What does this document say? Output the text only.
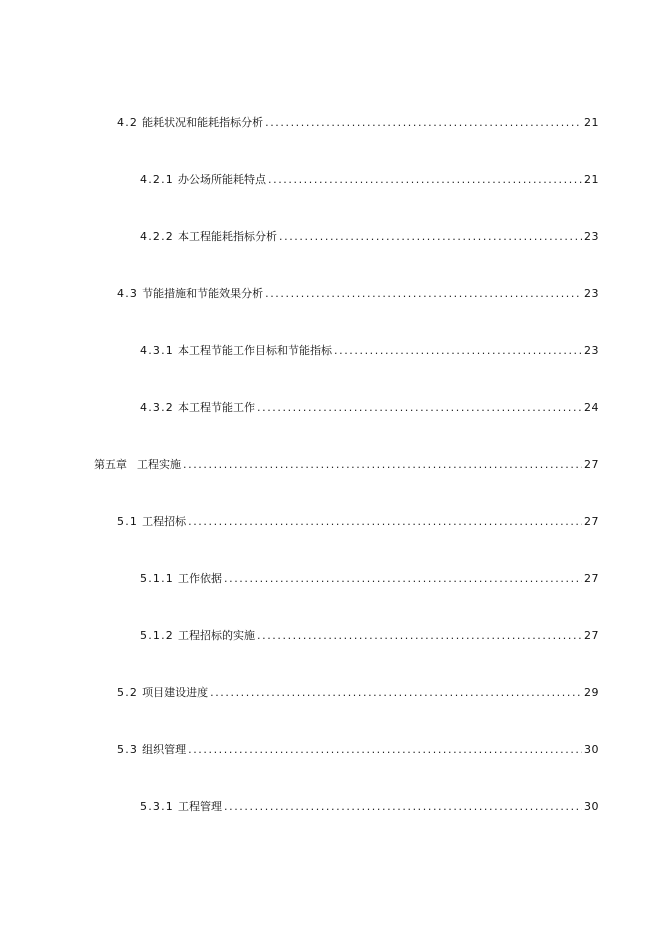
4.2 能耗状况和能耗指标分析 .....	21
4.2.1 办公场所能耗特点 .....	21
4.2.2 本工程能耗指标分析 .....	23
4.3 节能措施和节能效果分析 .....	23
4.3.1 本工程节能工作目标和节能指标 .....	23
4.3.2 本工程节能工作 .....	24
第五章 工程实施 .....	27
5.1 工程招标 .....	27
5.1.1 工作依据 .....	27
5.1.2 工程招标的实施 .....	27
5.2 项目建设进度 .....	29
5.3 组织管理 .....	30
5.3.1 工程管理 .....	30
